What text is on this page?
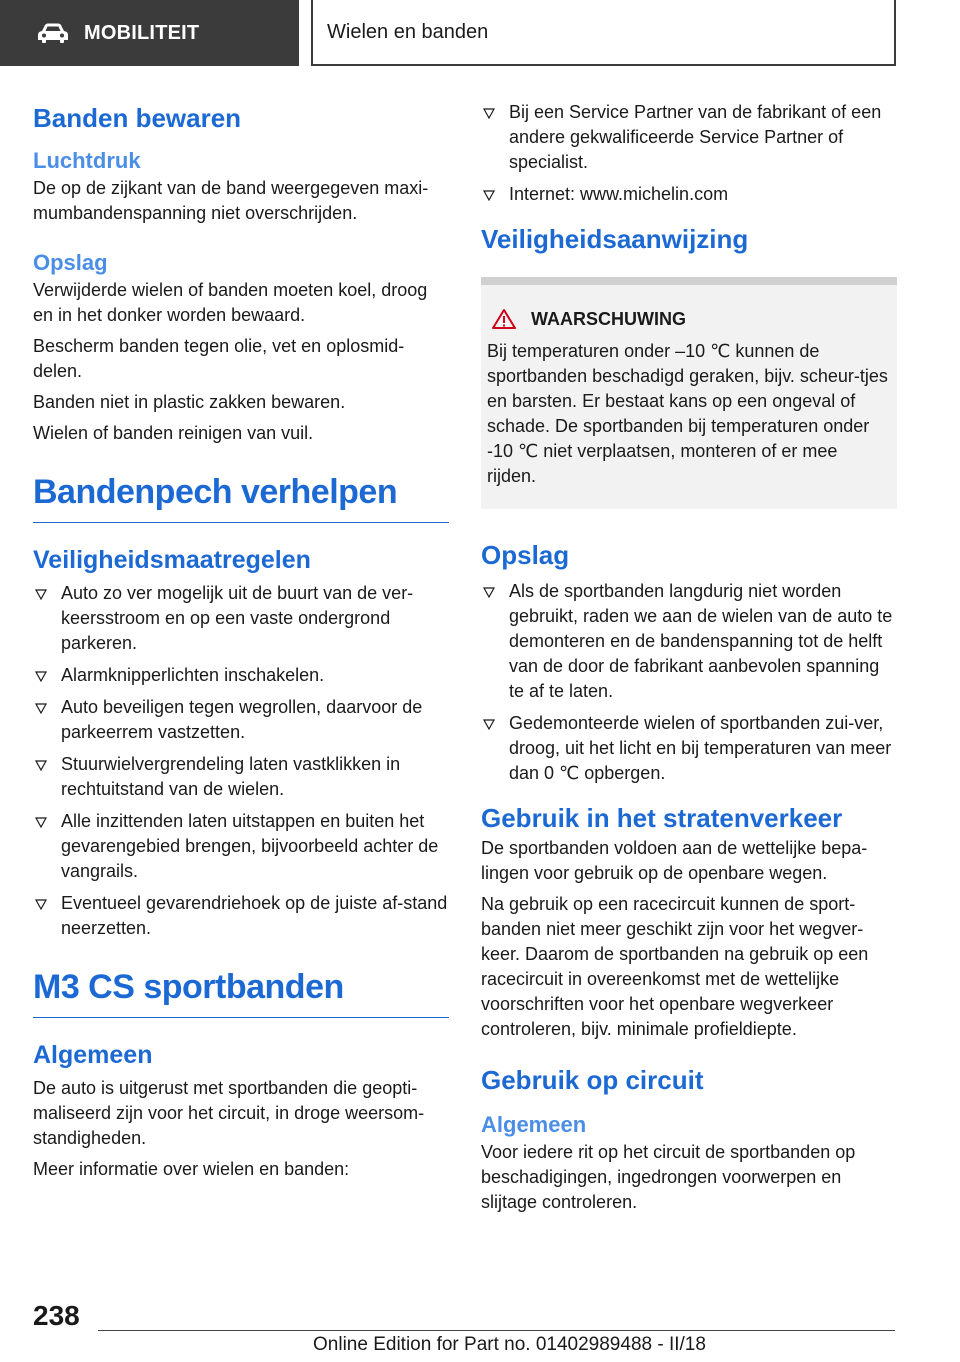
MOBILITEIT	Wielen en banden
Banden bewaren
Luchtdruk

De op de zijkant van de band weergegeven maxi-mumbandenspanning niet overschrijden.

Opslag

Verwijderde wielen of banden moeten koel, droog en in het donker worden bewaard.

Bescherm banden tegen olie, vet en oplosmid-delen.

Banden niet in plastic zakken bewaren.

Wielen of banden reinigen van vuil.

Bandenpech verhelpen
Veiligheidsmaatregelen
Auto zo ver mogelijk uit de buurt van de ver-keersstroom en op een vaste ondergrond parkeren.
Alarmknipperlichten inschakelen.
Auto beveiligen tegen wegrollen, daarvoor de parkeerrem vastzetten.
Stuurwielvergrendeling laten vastklikken in rechtuitstand van de wielen.
Alle inzittenden laten uitstappen en buiten het gevarengebied brengen, bijvoorbeeld achter de vangrails.
Eventueel gevarendriehoek op de juiste af-stand neerzetten.
M3 CS sportbanden
Algemeen

De auto is uitgerust met sportbanden die geopti-maliseerd zijn voor het circuit, in droge weersom-standigheden.

Meer informatie over wielen en banden:

Bij een Service Partner van de fabrikant of een andere gekwalificeerde Service Partner of specialist.
Internet: www.michelin.com
Veiligheidsaanwijzing
WAARSCHUWING

Bij temperaturen onder –10 ℃ kunnen de sportbanden beschadigd geraken, bijv. scheur-tjes en barsten. Er bestaat kans op een ongeval of schade. De sportbanden bij temperaturen onder -10 ℃ niet verplaatsen, monteren of er mee rijden.

Opslag
Als de sportbanden langdurig niet worden gebruikt, raden we aan de wielen van de auto te demonteren en de bandenspanning tot de helft van de door de fabrikant aanbevolen spanning te af te laten.
Gedemonteerde wielen of sportbanden zui-ver, droog, uit het licht en bij temperaturen van meer dan 0 ℃ opbergen.
Gebruik in het stratenverkeer

De sportbanden voldoen aan de wettelijke bepa-lingen voor gebruik op de openbare wegen.

Na gebruik op een racecircuit kunnen de sport-banden niet meer geschikt zijn voor het wegver-keer. Daarom de sportbanden na gebruik op een racecircuit in overeenkomst met de wettelijke voorschriften voor het openbare wegverkeer controleren, bijv. minimale profieldiepte.

Gebruik op circuit
Algemeen

Voor iedere rit op het circuit de sportbanden op beschadigingen, ingedrongen voorwerpen en slijtage controleren.

238
Online Edition for Part no. 01402989488 - II/18
